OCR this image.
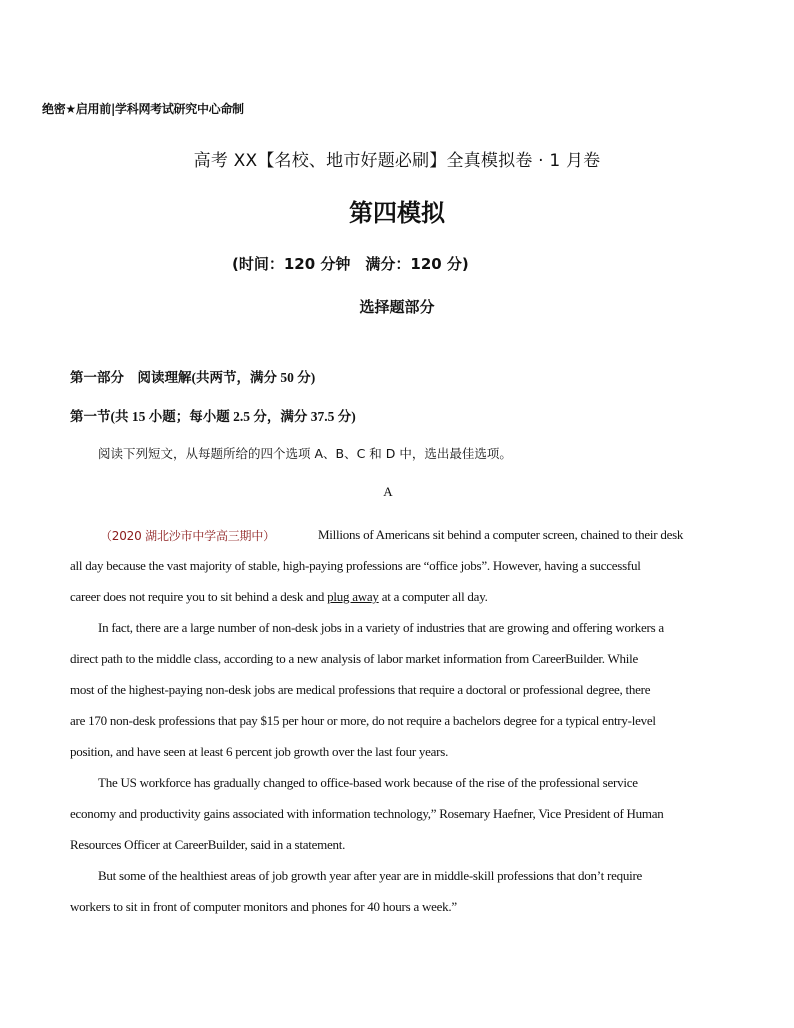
绝密★启用前|学科网考试研究中心命制
高考 XX【名校、地市好题必刷】全真模拟卷 · 1 月卷
第四模拟
(时间：120 分钟　满分：120 分)
选择题部分
第一部分　阅读理解(共两节，满分 50 分)
第一节(共 15 小题；每小题 2.5 分，满分 37.5 分)
阅读下列短文，从每题所给的四个选项 A、B、C 和 D 中，选出最佳选项。
A
（2020 湖北沙市中学高三期中）	Millions of Americans sit behind a computer screen, chained to their desk
all day because the vast majority of stable, high-paying professions are “office jobs”. However, having a successful
career does not require you to sit behind a desk and plug away at a computer all day.
In fact, there are a large number of non-desk jobs in a variety of industries that are growing and offering workers a
direct path to the middle class, according to a new analysis of labor market information from CareerBuilder. While
most of the highest-paying non-desk jobs are medical professions that require a doctoral or professional degree, there
are 170 non-desk professions that pay $15 per hour or more, do not require a bachelors degree for a typical entry-level
position, and have seen at least 6 percent job growth over the last four years.
The US workforce has gradually changed to office-based work because of the rise of the professional service
economy and productivity gains associated with information technology,” Rosemary Haefner, Vice President of Human
Resources Officer at CareerBuilder, said in a statement.
But some of the healthiest areas of job growth year after year are in middle-skill professions that don’t require
workers to sit in front of computer monitors and phones for 40 hours a week.”
